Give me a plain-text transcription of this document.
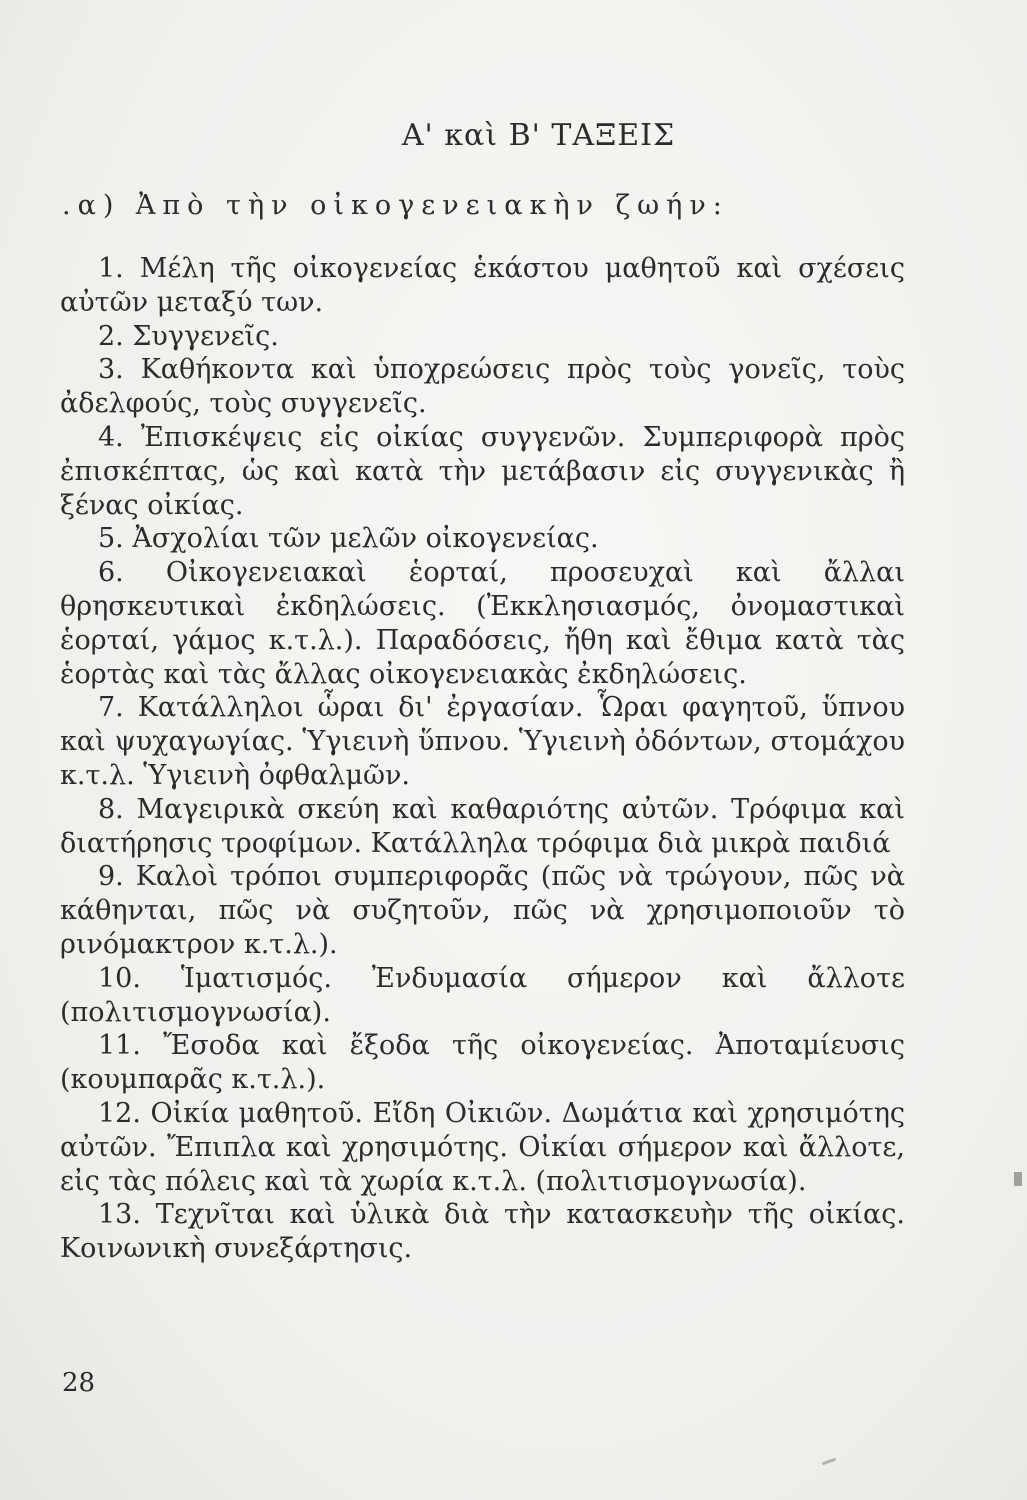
Α' καὶ Β' ΤΑΞΕΙΣ
.α) Ἀπὸ τὴν οἰκογενειακὴν ζωήν:

1. Μέλη τῆς οἰκογενείας ἑκάστου μαθητοῦ καὶ σχέσεις αὐτῶν μεταξύ των.

2. Συγγενεῖς.

3. Καθήκοντα καὶ ὑποχρεώσεις πρὸς τοὺς γονεῖς, τοὺς ἀδελφούς, τοὺς συγγενεῖς.

4. Ἐπισκέψεις εἰς οἰκίας συγγενῶν. Συμπεριφορὰ πρὸς ἐπισκέπτας, ὡς καὶ κατὰ τὴν μετάβασιν εἰς συγγενικὰς ἢ ξένας οἰκίας.

5. Ἀσχολίαι τῶν μελῶν οἰκογενείας.

6. Οἰκογενειακαὶ ἑορταί, προσευχαὶ καὶ ἄλλαι θρησκευτικαὶ ἐκδηλώσεις. (Ἐκκλησιασμός, ὀνομαστικαὶ ἑορταί, γάμος κ.τ.λ.). Παραδόσεις, ἤθη καὶ ἔθιμα κατὰ τὰς ἑορτὰς καὶ τὰς ἄλλας οἰκογενειακὰς ἐκδηλώσεις.

7. Κατάλληλοι ὧραι δι' ἐργασίαν. Ὧραι φαγητοῦ, ὕπνου καὶ ψυχαγωγίας. Ὑγιεινὴ ὕπνου. Ὑγιεινὴ ὀδόντων, στομάχου κ.τ.λ. Ὑγιεινὴ ὀφθαλμῶν.

8. Μαγειρικὰ σκεύη καὶ καθαριότης αὐτῶν. Τρόφιμα καὶ διατήρησις τροφίμων. Κατάλληλα τρόφιμα διὰ μικρὰ παιδιά

9. Καλοὶ τρόποι συμπεριφορᾶς (πῶς νὰ τρώγουν, πῶς νὰ κάθηνται, πῶς νὰ συζητοῦν, πῶς νὰ χρησιμοποιοῦν τὸ ρινόμακτρον κ.τ.λ.).

10. Ἱματισμός. Ἐνδυμασία σήμερον καὶ ἄλλοτε (πολιτισμογνωσία).

11. Ἔσοδα καὶ ἔξοδα τῆς οἰκογενείας. Ἀποταμίευσις (κουμπαρᾶς κ.τ.λ.).

12. Οἰκία μαθητοῦ. Εἴδη Οἰκιῶν. Δωμάτια καὶ χρησιμότης αὐτῶν. Ἔπιπλα καὶ χρησιμότης. Οἰκίαι σήμερον καὶ ἄλλοτε, εἰς τὰς πόλεις καὶ τὰ χωρία κ.τ.λ. (πολιτισμογνωσία).

13. Τεχνῖται καὶ ὑλικὰ διὰ τὴν κατασκευὴν τῆς οἰκίας. Κοινωνικὴ συνεξάρτησις.

28
